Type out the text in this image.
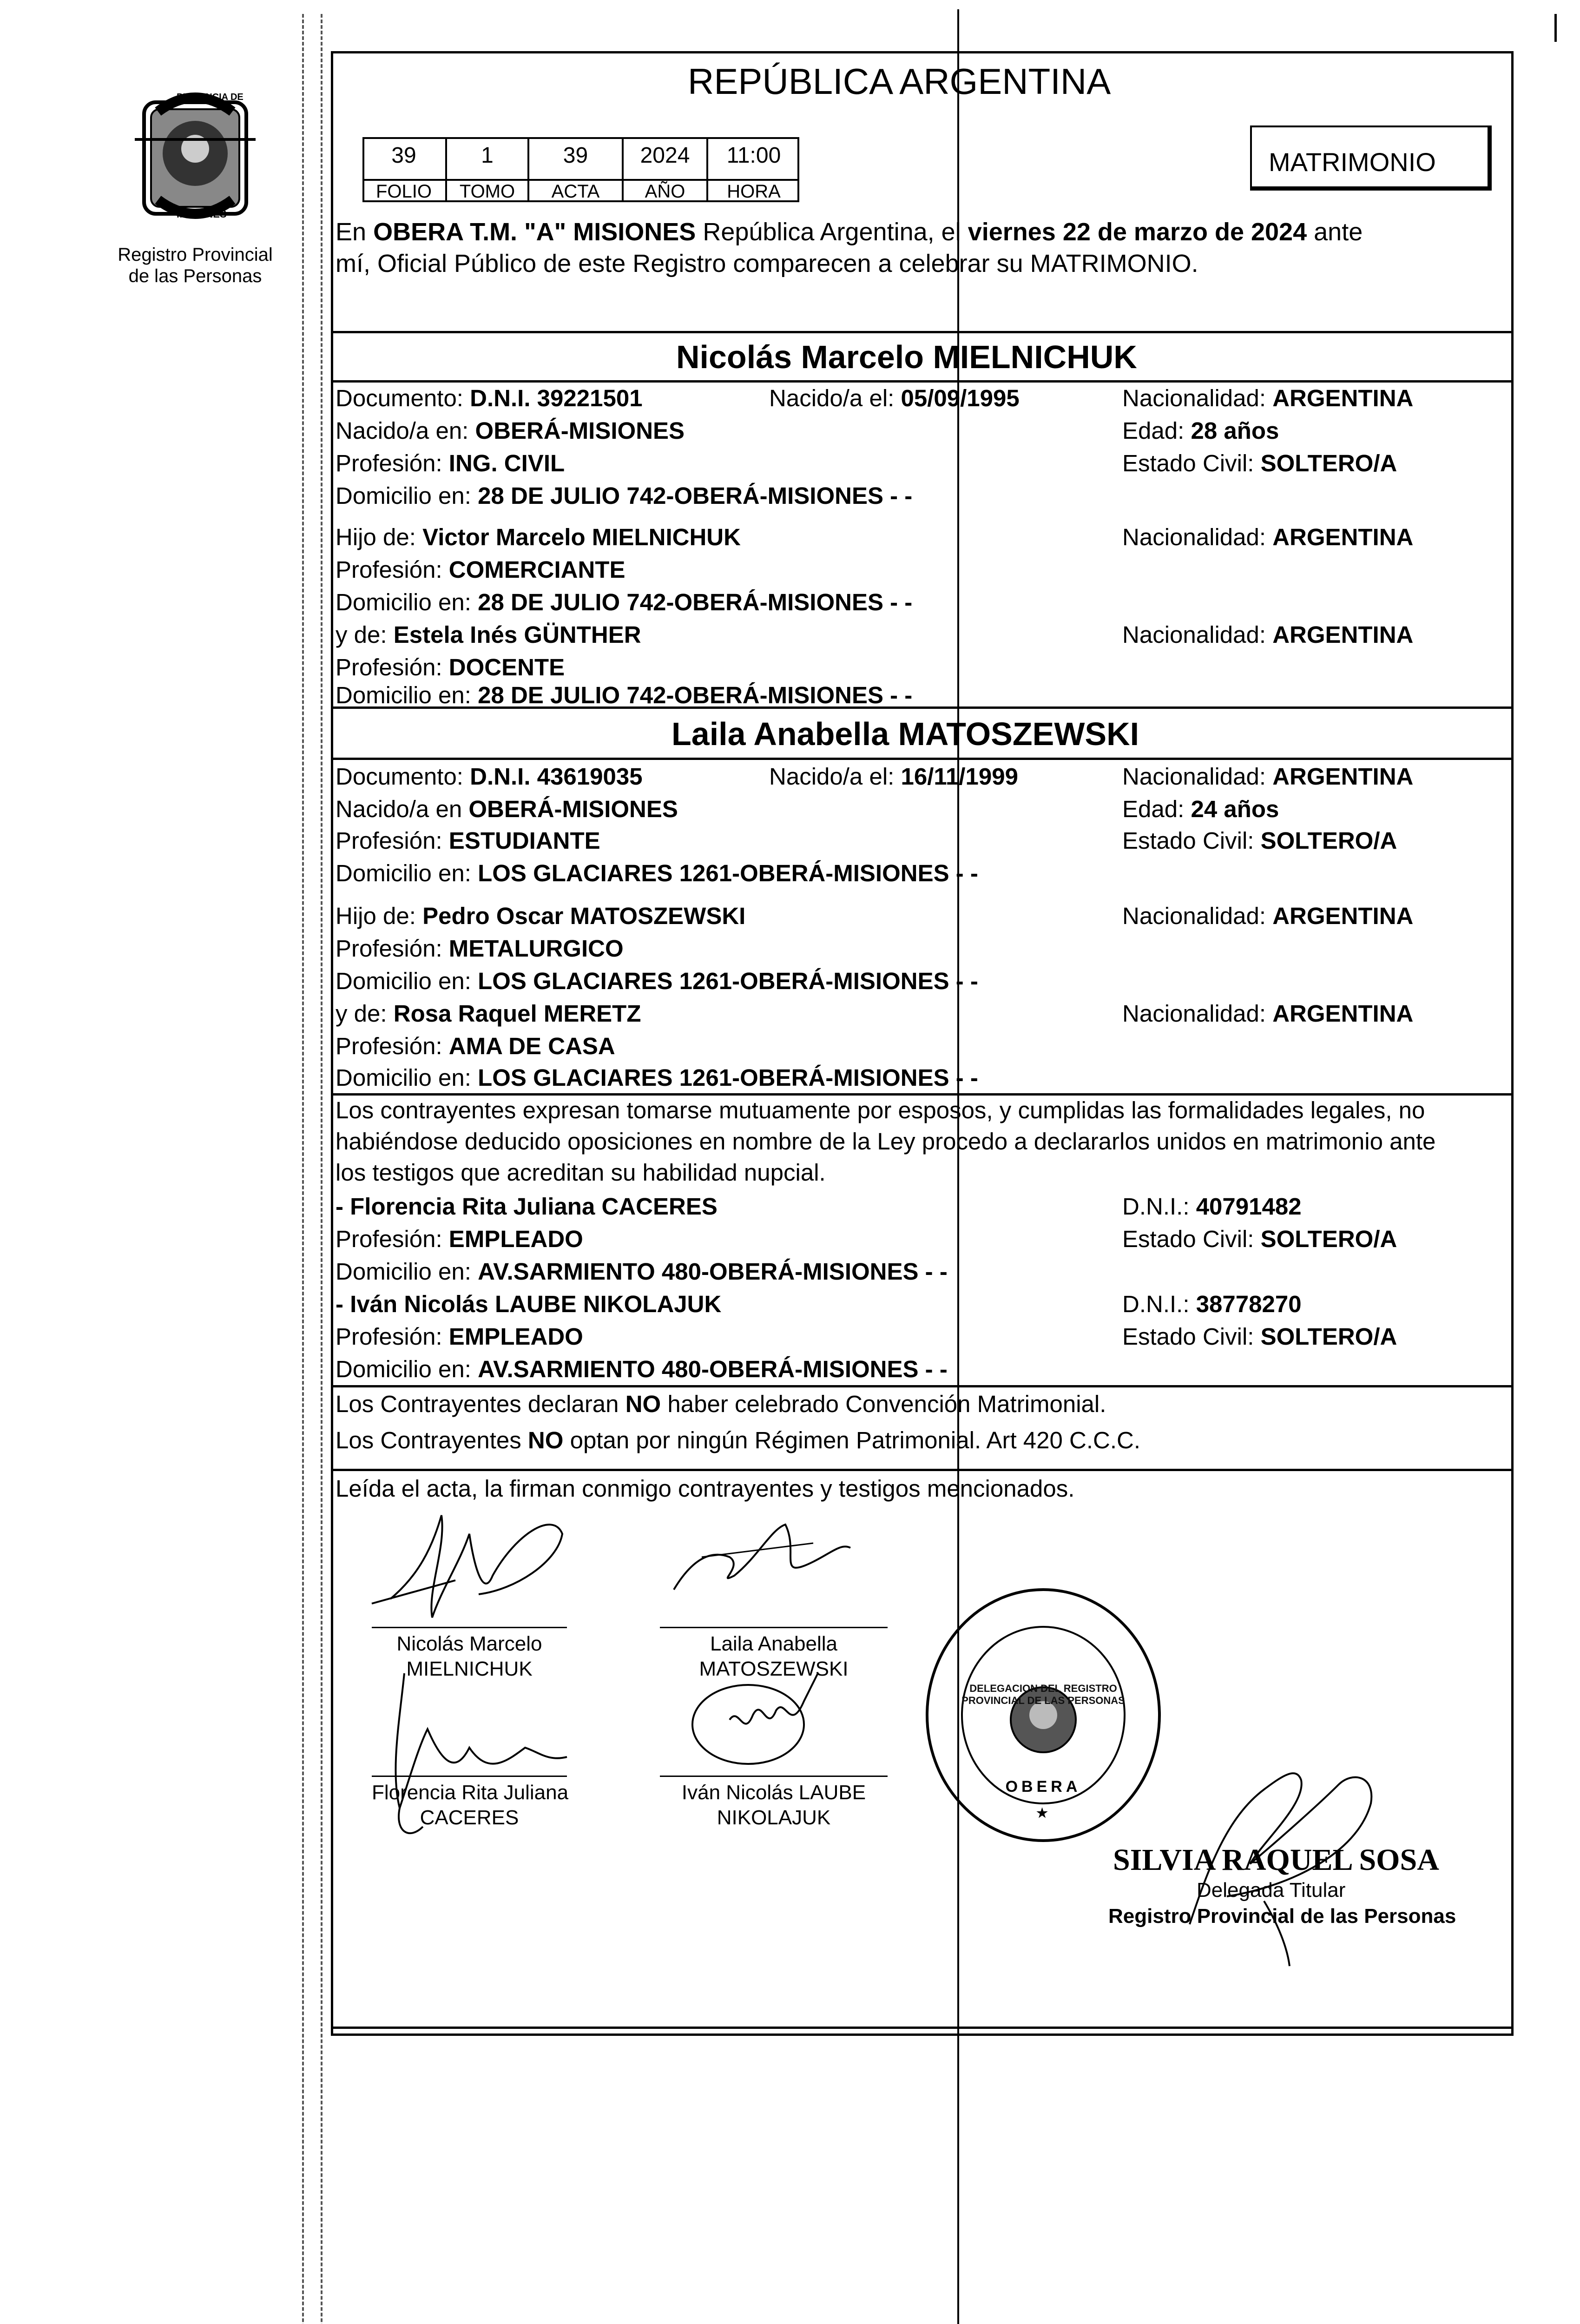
PROVINCIA DE
MISIONES
Registro Provincial
de las Personas
REPÚBLICA ARGENTINA
39	1	39	2024	11:00
FOLIO	TOMO	ACTA	AÑO	HORA
MATRIMONIO
En OBERA T.M. "A" MISIONES República Argentina, el viernes 22 de marzo de 2024 ante
mí, Oficial Público de este Registro comparecen a celebrar su MATRIMONIO.
Nicolás Marcelo MIELNICHUK
Documento: D.N.I. 39221501	Nacido/a el: 05/09/1995	Nacionalidad: ARGENTINA
Nacido/a en: OBERÁ-MISIONES	Edad: 28 años
Profesión: ING. CIVIL	Estado Civil: SOLTERO/A
Domicilio en: 28 DE JULIO 742-OBERÁ-MISIONES - -
Hijo de: Victor Marcelo MIELNICHUK	Nacionalidad: ARGENTINA
Profesión: COMERCIANTE
Domicilio en: 28 DE JULIO 742-OBERÁ-MISIONES - -
y de: Estela Inés GÜNTHER	Nacionalidad: ARGENTINA
Profesión: DOCENTE
Domicilio en: 28 DE JULIO 742-OBERÁ-MISIONES - -
Laila Anabella MATOSZEWSKI
Documento: D.N.I. 43619035	Nacido/a el: 16/11/1999	Nacionalidad: ARGENTINA
Nacido/a en OBERÁ-MISIONES	Edad: 24 años
Profesión: ESTUDIANTE	Estado Civil: SOLTERO/A
Domicilio en: LOS GLACIARES 1261-OBERÁ-MISIONES - -
Hijo de: Pedro Oscar MATOSZEWSKI	Nacionalidad: ARGENTINA
Profesión: METALURGICO
Domicilio en: LOS GLACIARES 1261-OBERÁ-MISIONES - -
y de: Rosa Raquel MERETZ	Nacionalidad: ARGENTINA
Profesión: AMA DE CASA
Domicilio en: LOS GLACIARES 1261-OBERÁ-MISIONES - -
Los contrayentes expresan tomarse mutuamente por esposos, y cumplidas las formalidades legales, no
habiéndose deducido oposiciones en nombre de la Ley procedo a declararlos unidos en matrimonio ante
los testigos que acreditan su habilidad nupcial.
- Florencia Rita Juliana CACERES	D.N.I.: 40791482
Profesión: EMPLEADO	Estado Civil: SOLTERO/A
Domicilio en: AV.SARMIENTO 480-OBERÁ-MISIONES - -
- Iván Nicolás LAUBE NIKOLAJUK	D.N.I.: 38778270
Profesión: EMPLEADO	Estado Civil: SOLTERO/A
Domicilio en: AV.SARMIENTO 480-OBERÁ-MISIONES - -
Los Contrayentes declaran NO haber celebrado Convención Matrimonial.
Los Contrayentes NO optan por ningún Régimen Patrimonial. Art 420 C.C.C.
Leída el acta, la firman conmigo contrayentes y testigos mencionados.
Nicolás Marcelo
MIELNICHUK
Laila Anabella
MATOSZEWSKI
Florencia Rita Juliana
CACERES
Iván Nicolás LAUBE
NIKOLAJUK	★
DELEGACION DEL REGISTRO PROVINCIAL DE LAS PERSONAS
OBERA
SILVIA RAQUEL SOSA
Delegada Titular
Registro Provincial de las Personas
